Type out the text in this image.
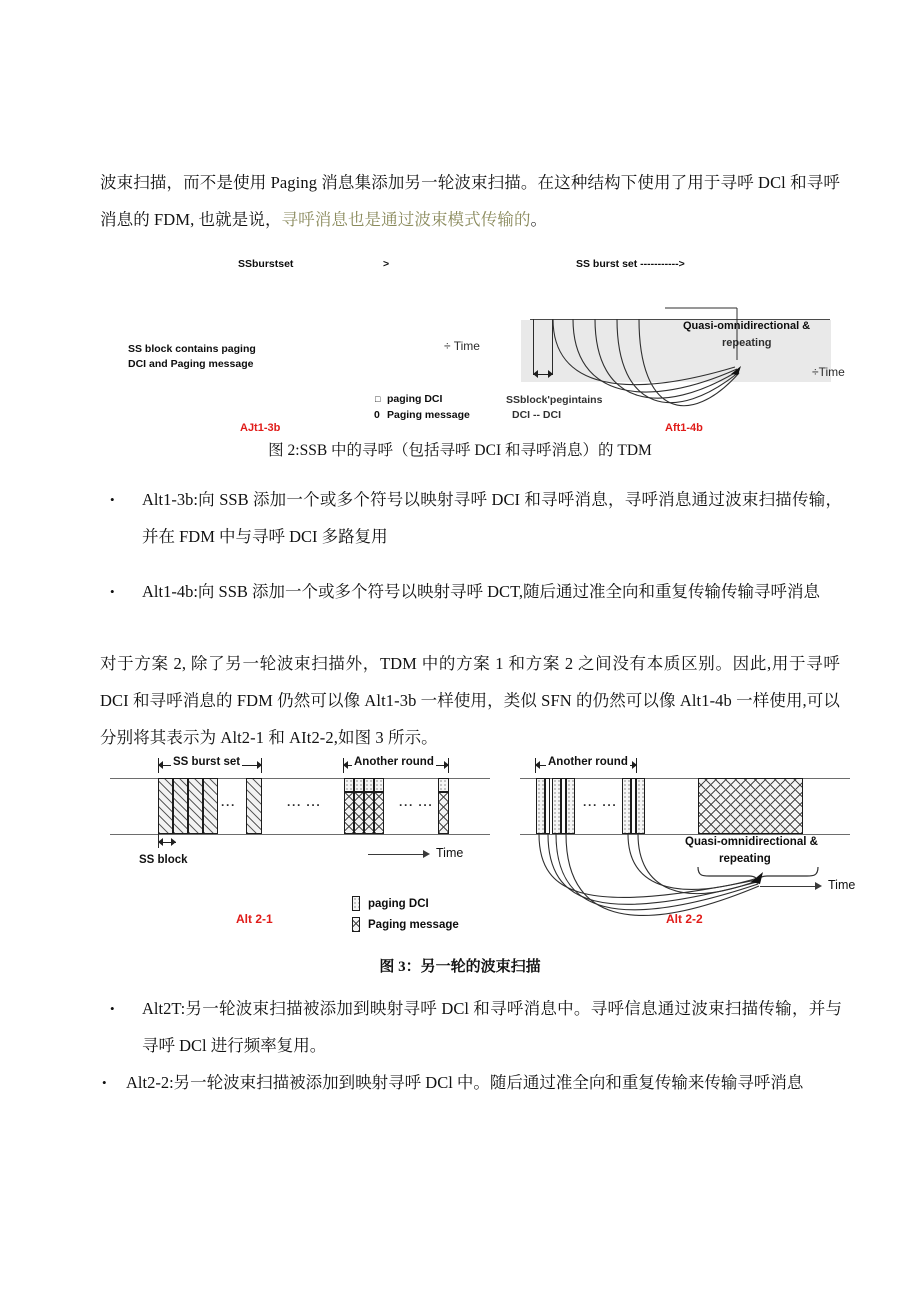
波束扫描，而不是使用 Paging 消息集添加另一轮波束扫描。在这种结构下使用了用于寻呼 DCl 和寻呼消息的 FDM, 也就是说，寻呼消息也是通过波束模式传输的。
SSburstset	>
SS block contains paging
DCI and Paging message
÷ Time
□ paging DCI
0 Paging message
AJt1-3b
SS burst set ----------->
Quasi-omnidirectional &
repeating
SSblock'pegintains
DCI -- DCI
Aft1-4b
÷Time
图 2:SSB 中的寻呼（包括寻呼 DCI 和寻呼消息）的 TDM
• Alt1-3b:向 SSB 添加一个或多个符号以映射寻呼 DCI 和寻呼消息，寻呼消息通过波束扫描传输，并在 FDM 中与寻呼 DCI 多路复用
• Alt1-4b:向 SSB 添加一个或多个符号以映射寻呼 DCT,随后通过准全向和重复传输传输寻呼消息
对于方案 2, 除了另一轮波束扫描外，TDM 中的方案 1 和方案 2 之间没有本质区别。因此,用于寻呼 DCI 和寻呼消息的 FDM 仍然可以像 Alt1-3b 一样使用，类似 SFN 的仍然可以像 Alt1-4b 一样使用,可以分别将其表示为 Alt2-1 和 AIt2-2,如图 3 所示。
SS burst set
···	··· ···
SS block
Another round
··· ···
Time
Alt 2-1
paging DCI
Paging message
Another round
··· ···
Quasi-omnidirectional &
repeating
Time
Alt 2-2
图 3：另一轮的波束扫描
• Alt2T:另一轮波束扫描被添加到映射寻呼 DCl 和寻呼消息中。寻呼信息通过波束扫描传输，并与寻呼 DCl 进行频率复用。
• Alt2-2:另一轮波束扫描被添加到映射寻呼 DCl 中。随后通过准全向和重复传输来传输寻呼消息
